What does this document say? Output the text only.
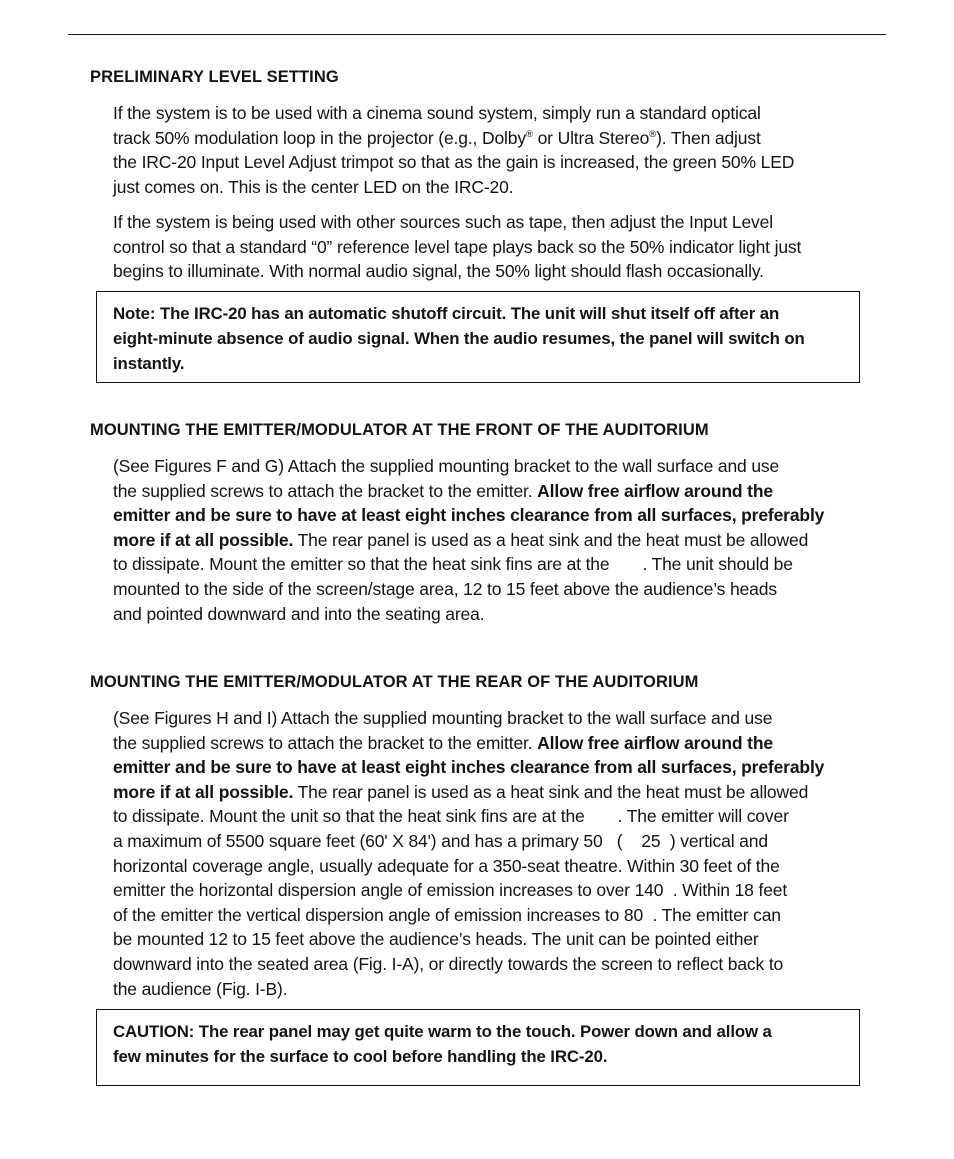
PRELIMINARY LEVEL SETTING

If the system is to be used with a cinema sound system, simply run a standard optical
track 50% modulation loop in the projector (e.g., Dolby® or Ultra Stereo®). Then adjust
the IRC-20 Input Level Adjust trimpot so that as the gain is increased, the green 50% LED
just comes on. This is the center LED on the IRC-20.

If the system is being used with other sources such as tape, then adjust the Input Level
control so that a standard “0” reference level tape plays back so the 50% indicator light just
begins to illuminate. With normal audio signal, the 50% light should flash occasionally.

Note: The IRC-20 has an automatic shutoff circuit. The unit will shut itself off after an
eight-minute absence of audio signal. When the audio resumes, the panel will switch on
instantly.

MOUNTING THE EMITTER/MODULATOR AT THE FRONT OF THE AUDITORIUM

(See Figures F and G) Attach the supplied mounting bracket to the wall surface and use
the supplied screws to attach the bracket to the emitter. Allow free airflow around the
emitter and be sure to have at least eight inches clearance from all surfaces, preferably
more if at all possible. The rear panel is used as a heat sink and the heat must be allowed
to dissipate. Mount the emitter so that the heat sink fins are at the       . The unit should be
mounted to the side of the screen/stage area, 12 to 15 feet above the audience’s heads
and pointed downward and into the seating area.

MOUNTING THE EMITTER/MODULATOR AT THE REAR OF THE AUDITORIUM

(See Figures H and I) Attach the supplied mounting bracket to the wall surface and use
the supplied screws to attach the bracket to the emitter. Allow free airflow around the
emitter and be sure to have at least eight inches clearance from all surfaces, preferably
more if at all possible. The rear panel is used as a heat sink and the heat must be allowed
to dissipate. Mount the unit so that the heat sink fins are at the       . The emitter will cover
a maximum of 5500 square feet (60' X 84') and has a primary 50   (    25  ) vertical and
horizontal coverage angle, usually adequate for a 350-seat theatre. Within 30 feet of the
emitter the horizontal dispersion angle of emission increases to over 140  . Within 18 feet
of the emitter the vertical dispersion angle of emission increases to 80  . The emitter can
be mounted 12 to 15 feet above the audience’s heads. The unit can be pointed either
downward into the seated area (Fig. I-A), or directly towards the screen to reflect back to
the audience (Fig. I-B).

CAUTION: The rear panel may get quite warm to the touch. Power down and allow a
few minutes for the surface to cool before handling the IRC-20.
